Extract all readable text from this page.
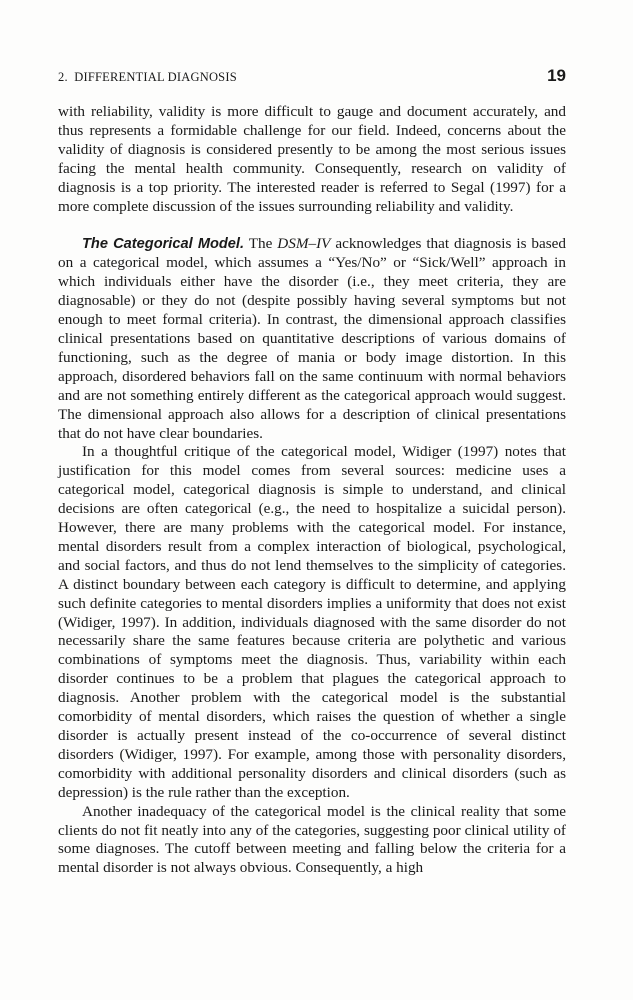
2. DIFFERENTIAL DIAGNOSIS	19

with reliability, validity is more difficult to gauge and document accurately, and thus represents a formidable challenge for our field. Indeed, concerns about the validity of diagnosis is considered presently to be among the most serious issues facing the mental health community. Consequently, research on validity of diagnosis is a top priority. The interested reader is referred to Segal (1997) for a more complete discussion of the issues surrounding reliability and validity.

The Categorical Model. The DSM–IV acknowledges that diagnosis is based on a categorical model, which assumes a “Yes/No” or “Sick/Well” approach in which individuals either have the disorder (i.e., they meet criteria, they are diagnosable) or they do not (despite possibly having several symptoms but not enough to meet formal criteria). In contrast, the dimensional approach classifies clinical presentations based on quantitative descriptions of various domains of functioning, such as the degree of mania or body image distortion. In this approach, disordered behaviors fall on the same continuum with normal behaviors and are not something entirely different as the categorical approach would suggest. The dimensional approach also allows for a description of clinical presentations that do not have clear boundaries.

In a thoughtful critique of the categorical model, Widiger (1997) notes that justification for this model comes from several sources: medicine uses a categorical model, categorical diagnosis is simple to understand, and clinical decisions are often categorical (e.g., the need to hospitalize a suicidal person). However, there are many problems with the categorical model. For instance, mental disorders result from a complex interaction of biological, psychological, and social factors, and thus do not lend themselves to the simplicity of categories. A distinct boundary between each category is difficult to determine, and applying such definite categories to mental disorders implies a uniformity that does not exist (Widiger, 1997). In addition, individuals diagnosed with the same disorder do not necessarily share the same features because criteria are polythetic and various combinations of symptoms meet the diagnosis. Thus, variability within each disorder continues to be a problem that plagues the categorical approach to diagnosis. Another problem with the categorical model is the substantial comorbidity of mental disorders, which raises the question of whether a single disorder is actually present instead of the co-occurrence of several distinct disorders (Widiger, 1997). For example, among those with personality disorders, comorbidity with additional personality disorders and clinical disorders (such as depression) is the rule rather than the exception.

Another inadequacy of the categorical model is the clinical reality that some clients do not fit neatly into any of the categories, suggesting poor clinical utility of some diagnoses. The cutoff between meeting and falling below the criteria for a mental disorder is not always obvious. Consequently, a high
